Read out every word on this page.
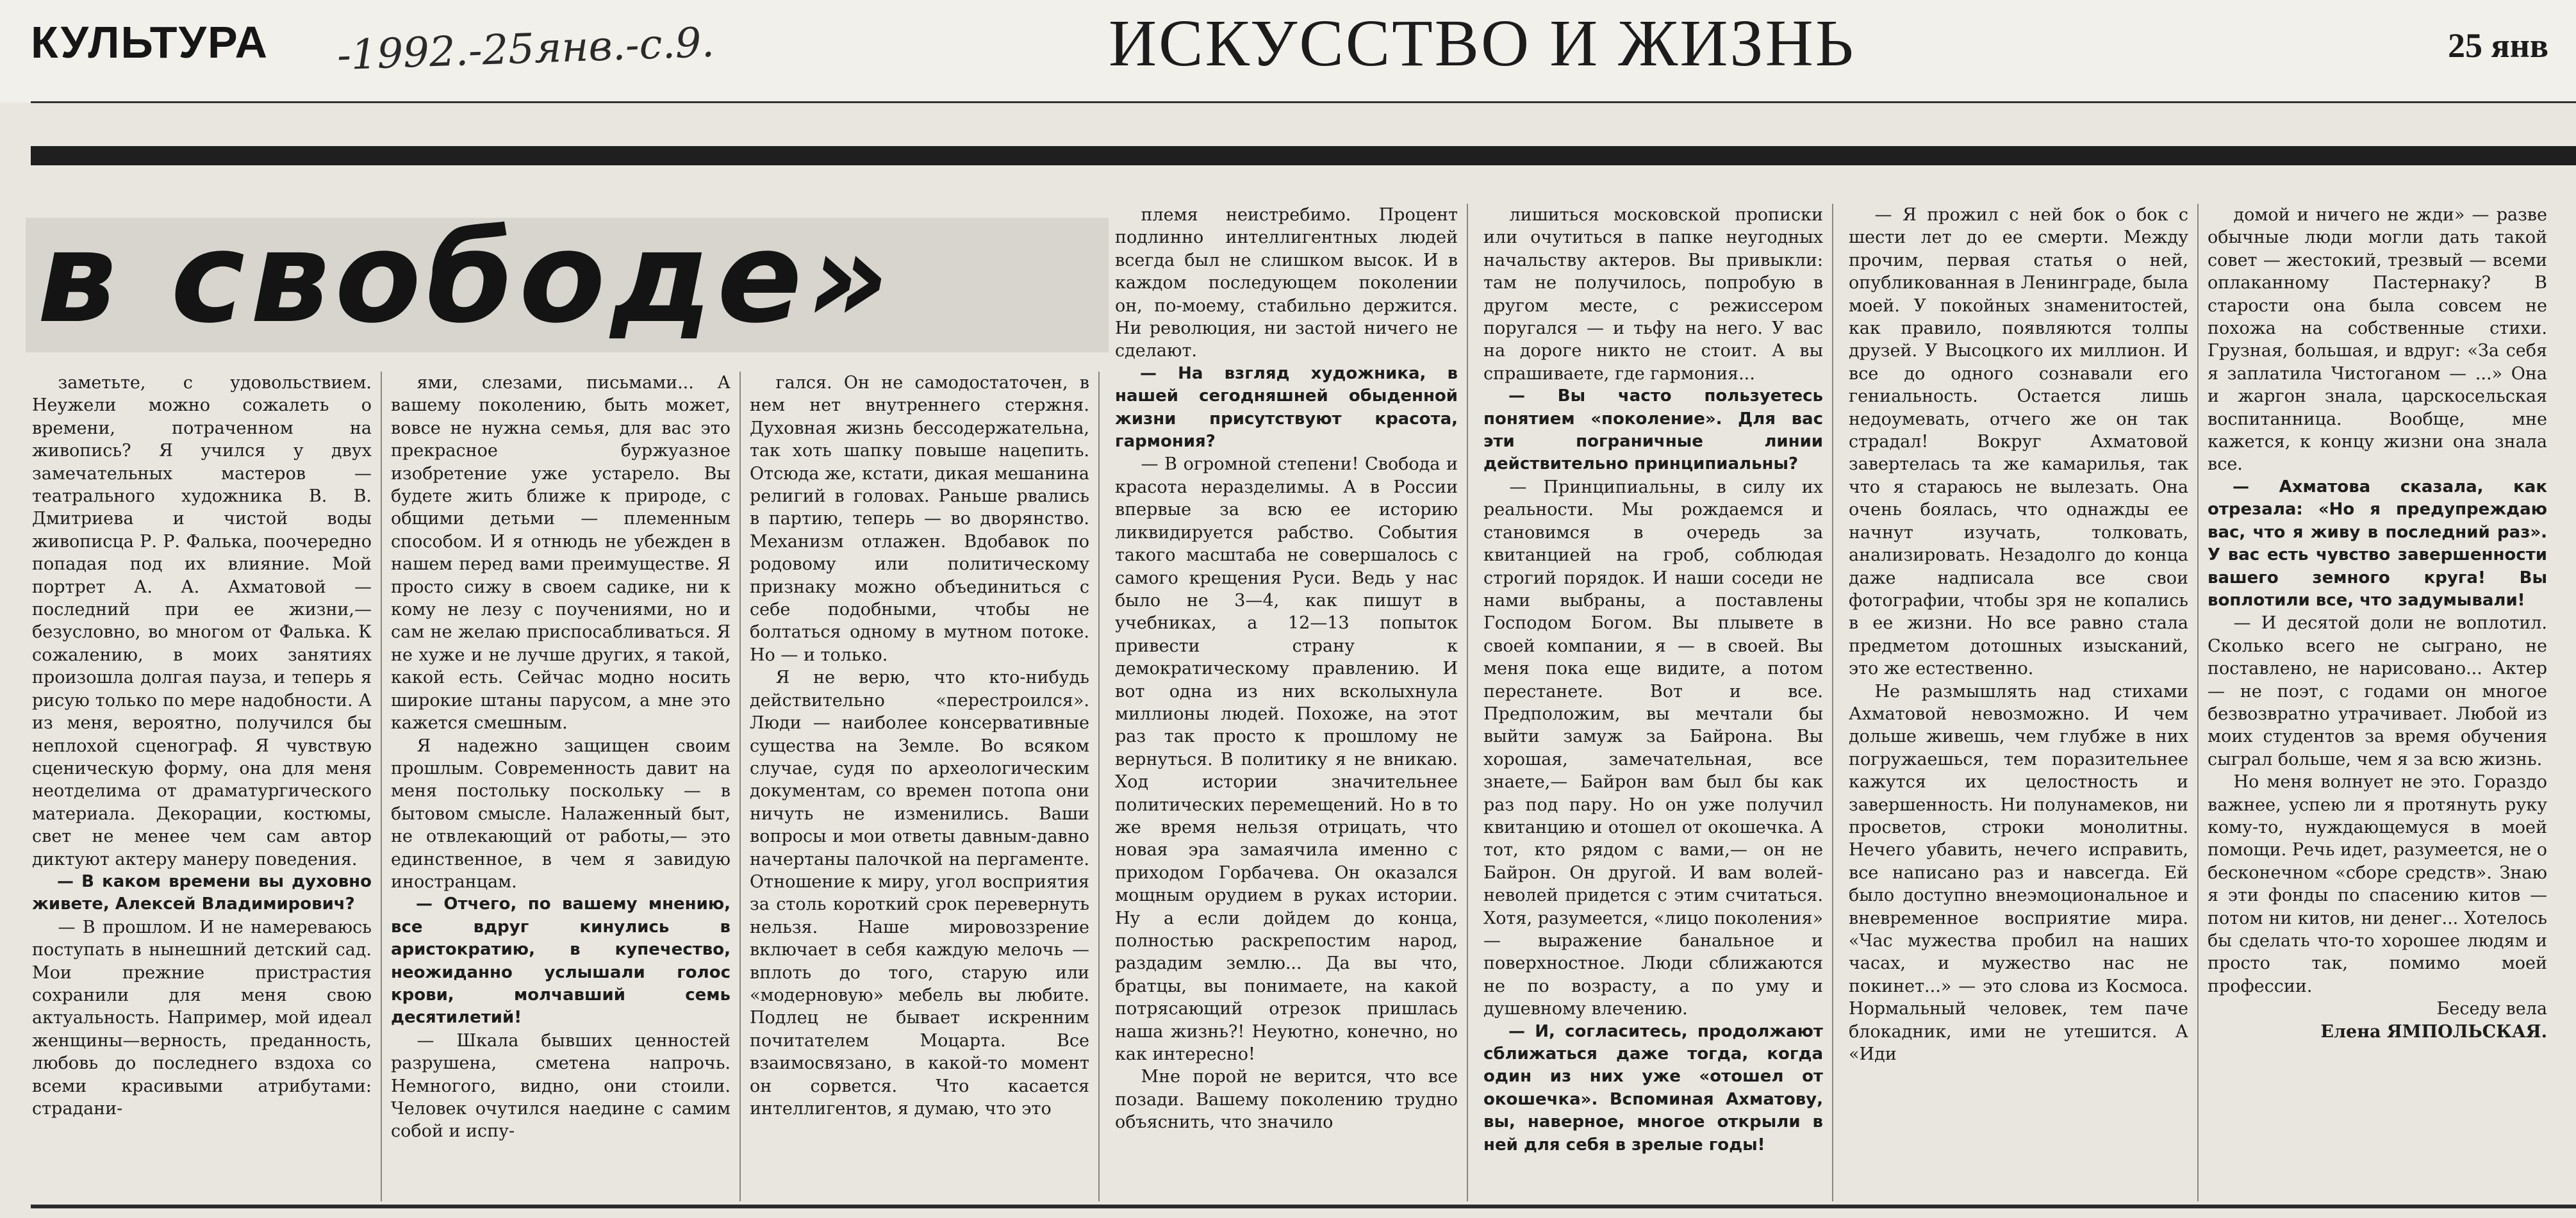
КУЛЬТУРА -1992.-25янв.-с.9.	ИСКУССТВО И ЖИЗНЬ	25 янв
в свободе»

заметьте, с удовольствием. Неужели можно сожалеть о времени, потраченном на живопись? Я учился у двух замечательных мастеров — театрального художника В. В. Дмитриева и чистой воды живописца Р. Р. Фалька, поочередно попадая под их влияние. Мой портрет А. А. Ахматовой — последний при ее жизни,— безусловно, во многом от Фалька. К сожалению, в моих занятиях произошла долгая пауза, и теперь я рисую только по мере надобности. А из меня, вероятно, получился бы неплохой сценограф. Я чувствую сценическую форму, она для меня неотделима от драматургического материала. Декорации, костюмы, свет не менее чем сам автор диктуют актеру манеру поведения.

— В каком времени вы духовно живете, Алексей Владимирович?

— В прошлом. И не намереваюсь поступать в нынешний детский сад. Мои прежние пристрастия сохранили для меня свою актуальность. Например, мой идеал женщины—верность, преданность, любовь до последнего вздоха со всеми красивыми атрибутами: страдани-

ями, слезами, письмами... А вашему поколению, быть может, вовсе не нужна семья, для вас это прекрасное буржуазное изобретение уже устарело. Вы будете жить ближе к природе, с общими детьми — племенным способом. И я отнюдь не убежден в нашем перед вами преимуществе. Я просто сижу в своем садике, ни к кому не лезу с поучениями, но и сам не желаю приспосабливаться. Я не хуже и не лучше других, я такой, какой есть. Сейчас модно носить широкие штаны парусом, а мне это кажется смешным.

Я надежно защищен своим прошлым. Современность давит на меня постольку поскольку — в бытовом смысле. Налаженный быт, не отвлекающий от работы,— это единственное, в чем я завидую иностранцам.

— Отчего, по вашему мнению, все вдруг кинулись в аристократию, в купечество, неожиданно услышали голос крови, молчавший семь десятилетий!

— Шкала бывших ценностей разрушена, сметена напрочь. Немногого, видно, они стоили. Человек очутился наедине с самим собой и испу-

гался. Он не самодостаточен, в нем нет внутреннего стержня. Духовная жизнь бессодержательна, так хоть шапку повыше нацепить. Отсюда же, кстати, дикая мешанина религий в головах. Раньше рвались в партию, теперь — во дворянство. Механизм отлажен. Вдобавок по родовому или политическому признаку можно объединиться с себе подобными, чтобы не болтаться одному в мутном потоке. Но — и только.

Я не верю, что кто-нибудь действительно «перестроился». Люди — наиболее консервативные существа на Земле. Во всяком случае, судя по археологическим документам, со времен потопа они ничуть не изменились. Ваши вопросы и мои ответы давным-давно начертаны палочкой на пергаменте. Отношение к миру, угол восприятия за столь короткий срок перевернуть нельзя. Наше мировоззрение включает в себя каждую мелочь — вплоть до того, старую или «модерновую» мебель вы любите. Подлец не бывает искренним почитателем Моцарта. Все взаимосвязано, в какой-то момент он сорвется. Что касается интеллигентов, я думаю, что это

племя неистребимо. Процент подлинно интеллигентных людей всегда был не слишком высок. И в каждом последующем поколении он, по-моему, стабильно держится. Ни революция, ни застой ничего не сделают.

— На взгляд художника, в нашей сегодняшней обыденной жизни присутствуют красота, гармония?

— В огромной степени! Свобода и красота неразделимы. А в России впервые за всю ее историю ликвидируется рабство. События такого масштаба не совершалось с самого крещения Руси. Ведь у нас было не 3—4, как пишут в учебниках, а 12—13 попыток привести страну к демократическому правлению. И вот одна из них всколыхнула миллионы людей. Похоже, на этот раз так просто к прошлому не вернуться. В политику я не вникаю. Ход истории значительнее политических перемещений. Но в то же время нельзя отрицать, что новая эра замаячила именно с приходом Горбачева. Он оказался мощным орудием в руках истории. Ну а если дойдем до конца, полностью раскрепостим народ, раздадим землю... Да вы что, братцы, вы понимаете, на какой потрясающий отрезок пришлась наша жизнь?! Неуютно, конечно, но как интересно!

Мне порой не верится, что все позади. Вашему поколению трудно объяснить, что значило

лишиться московской прописки или очутиться в папке неугодных начальству актеров. Вы привыкли: там не получилось, попробую в другом месте, с режиссером поругался — и тьфу на него. У вас на дороге никто не стоит. А вы спрашиваете, где гармония...

— Вы часто пользуетесь понятием «поколение». Для вас эти пограничные линии действительно принципиальны?

— Принципиальны, в силу их реальности. Мы рождаемся и становимся в очередь за квитанцией на гроб, соблюдая строгий порядок. И наши соседи не нами выбраны, а поставлены Господом Богом. Вы плывете в своей компании, я — в своей. Вы меня пока еще видите, а потом перестанете. Вот и все. Предположим, вы мечтали бы выйти замуж за Байрона. Вы хорошая, замечательная, все знаете,— Байрон вам был бы как раз под пару. Но он уже получил квитанцию и отошел от окошечка. А тот, кто рядом с вами,— он не Байрон. Он другой. И вам волей-неволей придется с этим считаться. Хотя, разумеется, «лицо поколения» — выражение банальное и поверхностное. Люди сближаются не по возрасту, а по уму и душевному влечению.

— И, согласитесь, продолжают сближаться даже тогда, когда один из них уже «отошел от окошечка». Вспоминая Ахматову, вы, наверное, многое открыли в ней для себя в зрелые годы!

— Я прожил с ней бок о бок с шести лет до ее смерти. Между прочим, первая статья о ней, опубликованная в Ленинграде, была моей. У покойных знаменитостей, как правило, появляются толпы друзей. У Высоцкого их миллион. И все до одного сознавали его гениальность. Остается лишь недоумевать, отчего же он так страдал! Вокруг Ахматовой завертелась та же камарилья, так что я стараюсь не вылезать. Она очень боялась, что однажды ее начнут изучать, толковать, анализировать. Незадолго до конца даже надписала все свои фотографии, чтобы зря не копались в ее жизни. Но все равно стала предметом дотошных изысканий, это же естественно.

Не размышлять над стихами Ахматовой невозможно. И чем дольше живешь, чем глубже в них погружаешься, тем поразительнее кажутся их целостность и завершенность. Ни полунамеков, ни просветов, строки монолитны. Нечего убавить, нечего исправить, все написано раз и навсегда. Ей было доступно внеэмоциональное и вневременное восприятие мира. «Час мужества пробил на наших часах, и мужество нас не покинет...» — это слова из Космоса. Нормальный человек, тем паче блокадник, ими не утешится. А «Иди

домой и ничего не жди» — разве обычные люди могли дать такой совет — жестокий, трезвый — всеми оплаканному Пастернаку? В старости она была совсем не похожа на собственные стихи. Грузная, большая, и вдруг: «За себя я заплатила Чистоганом — ...» Она и жаргон знала, царскосельская воспитанница. Вообще, мне кажется, к концу жизни она знала все.

— Ахматова сказала, как отрезала: «Но я предупреждаю вас, что я живу в последний раз». У вас есть чувство завершенности вашего земного круга! Вы воплотили все, что задумывали!

— И десятой доли не воплотил. Сколько всего не сыграно, не поставлено, не нарисовано... Актер — не поэт, с годами он многое безвозвратно утрачивает. Любой из моих студентов за время обучения сыграл больше, чем я за всю жизнь.

Но меня волнует не это. Гораздо важнее, успею ли я протянуть руку кому-то, нуждающемуся в моей помощи. Речь идет, разумеется, не о бесконечном «сборе средств». Знаю я эти фонды по спасению китов — потом ни китов, ни денег... Хотелось бы сделать что-то хорошее людям и просто так, помимо моей профессии.

Беседу вела

Елена ЯМПОЛЬСКАЯ.
